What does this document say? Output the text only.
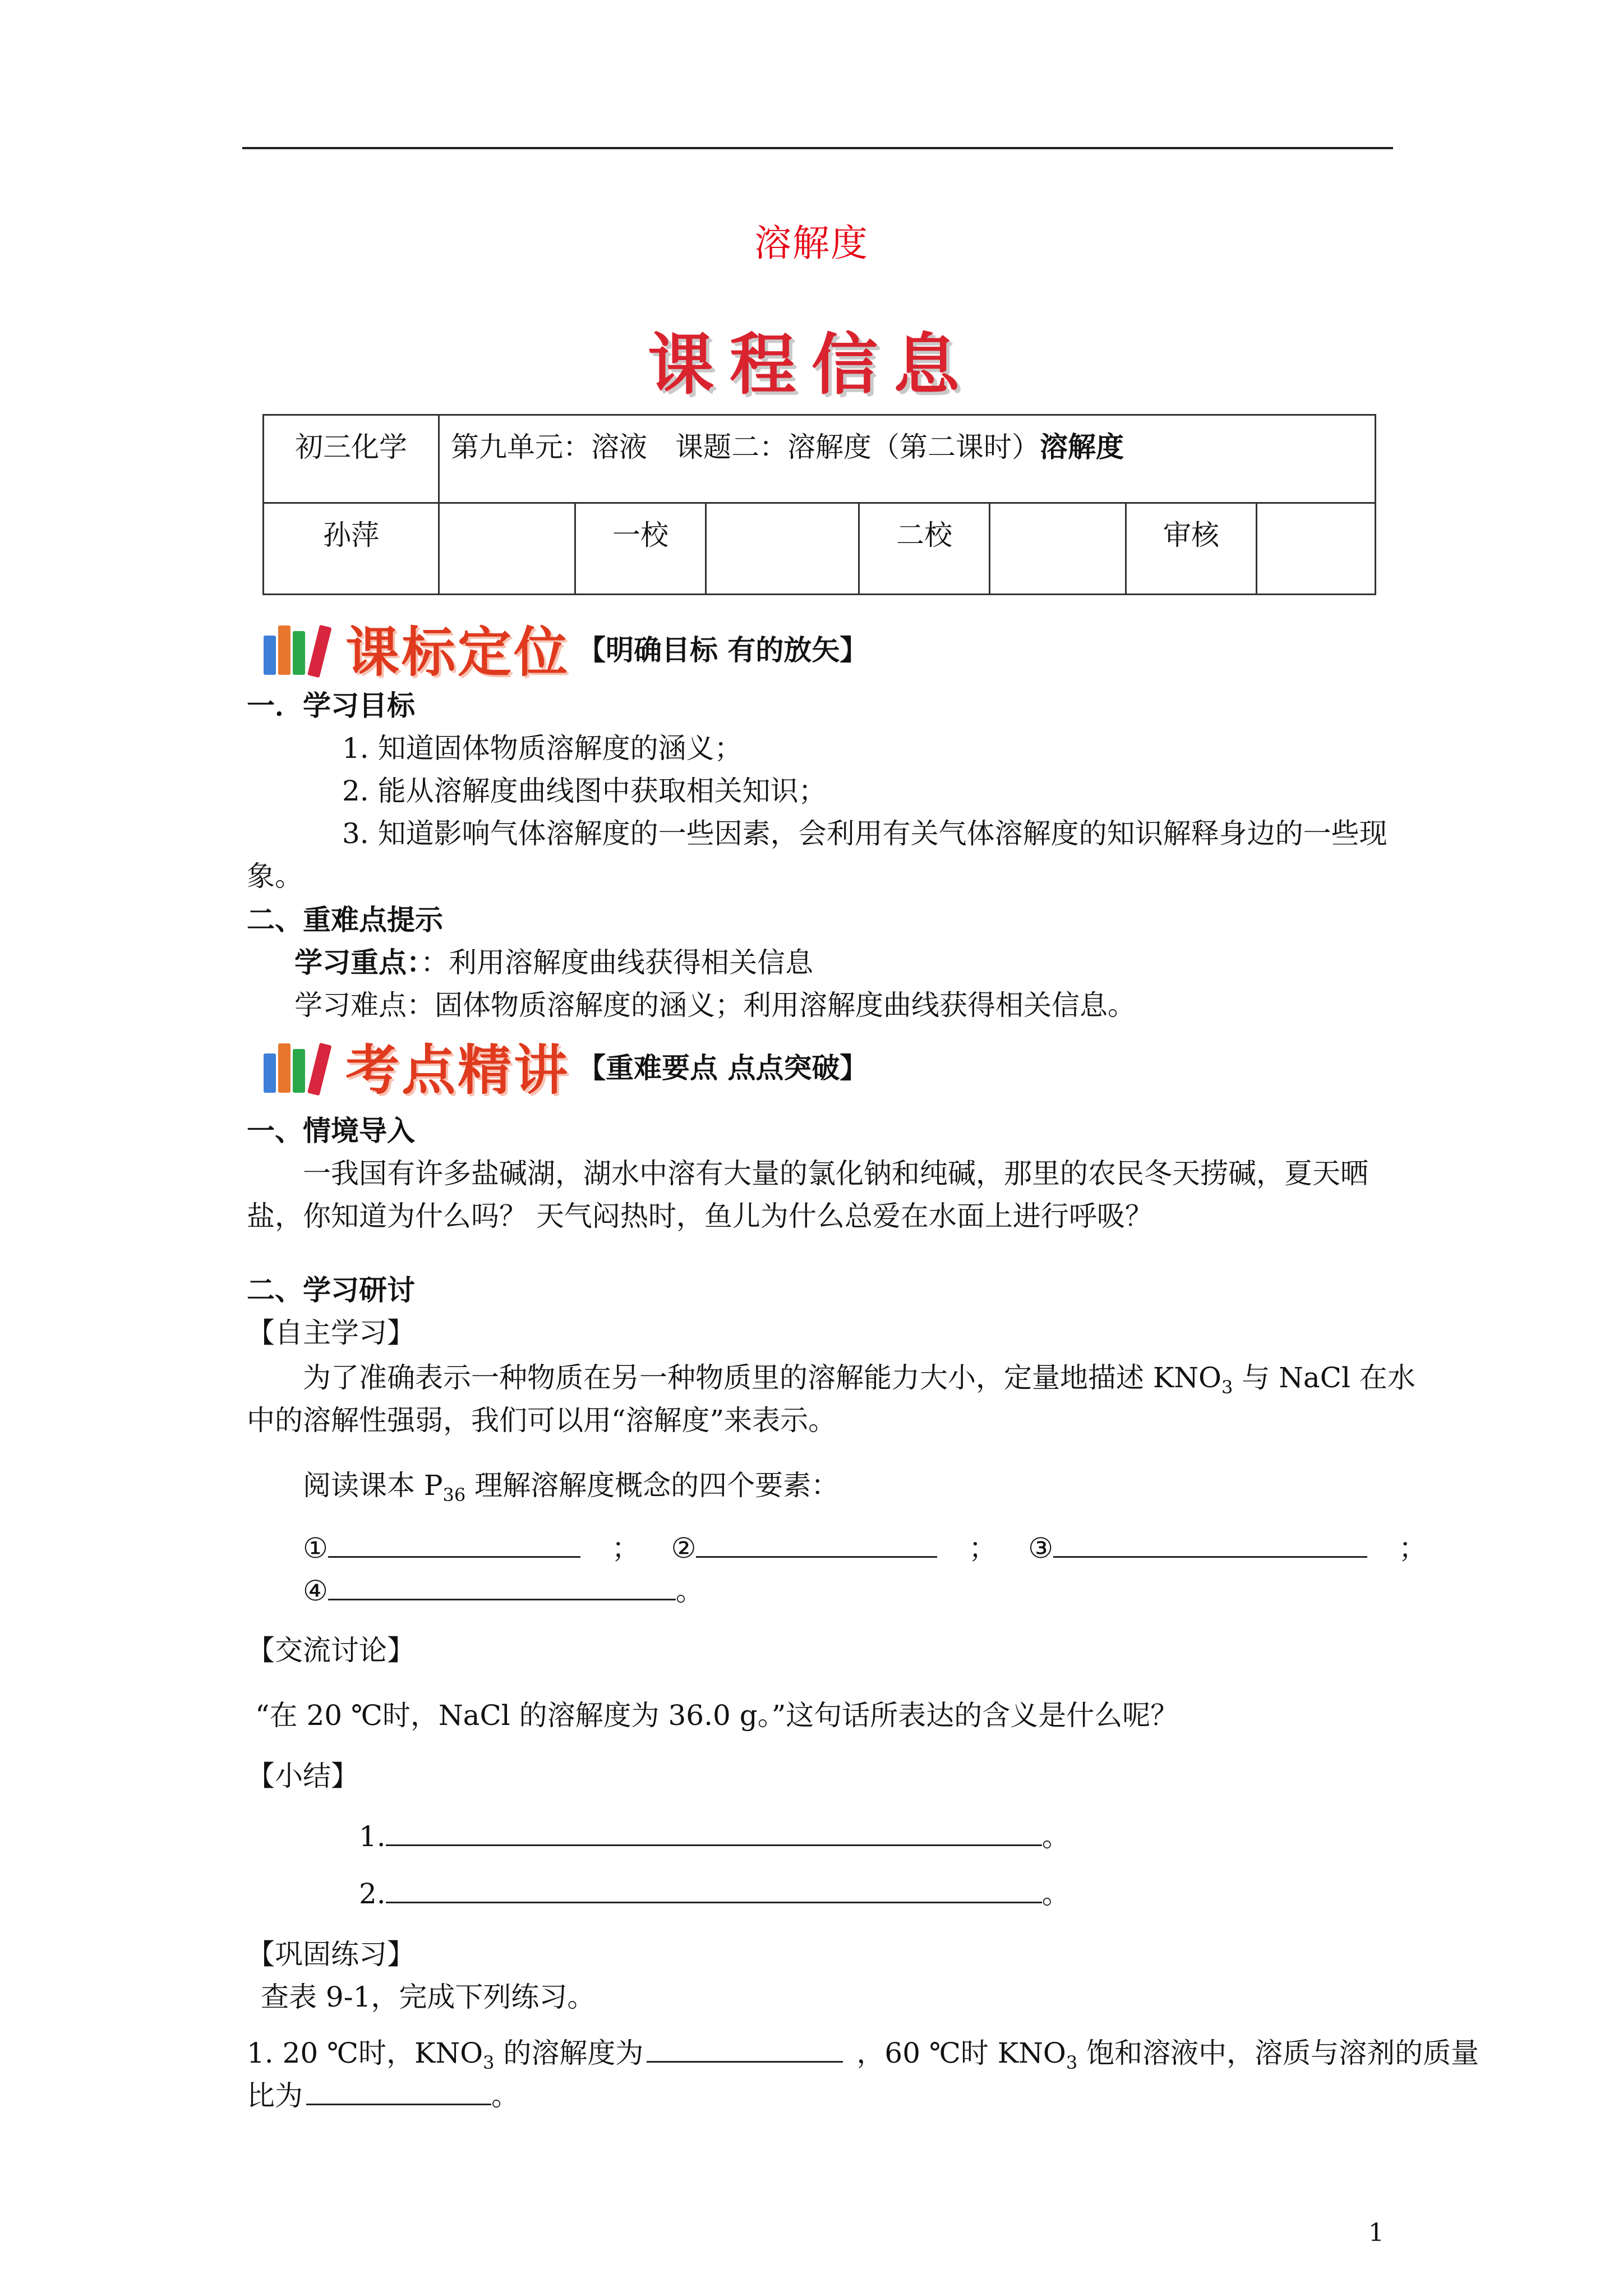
溶解度
课程信息
初三化学	第九单元：溶液　课题二：溶解度（第二课时）溶解度						
孙萍		一校		二校		审核	
课标定位 【明确目标 有的放矢】
一．学习目标
1. 知道固体物质溶解度的涵义；
2. 能从溶解度曲线图中获取相关知识；
3. 知道影响气体溶解度的一些因素，会利用有关气体溶解度的知识解释身边的一些现
象。
二、重难点提示
学习重点：：利用溶解度曲线获得相关信息
学习难点：固体物质溶解度的涵义；利用溶解度曲线获得相关信息。
考点精讲 【重难要点 点点突破】
一、情境导入
一我国有许多盐碱湖，湖水中溶有大量的氯化钠和纯碱，那里的农民冬天捞碱，夏天晒
盐，你知道为什么吗？ 天气闷热时，鱼儿为什么总爱在水面上进行呼吸？
二、学习研讨
【自主学习】
为了准确表示一种物质在另一种物质里的溶解能力大小，定量地描述 $KNO_3$ 与 NaCl 在水
中的溶解性强弱，我们可以用“溶解度”来表示。
阅读课本 $P_{36}$ 理解溶解度概念的四个要素：
①	； ②	； ③	；
④	。
【交流讨论】
“在 20 ℃时，NaCl 的溶解度为 36.0 g。”这句话所表达的含义是什么呢？
【小结】
1.	。
2.	。
【巩固练习】
查表 9-1，完成下列练习。
1. 20 ℃时，$KNO_3$ 的溶解度为	，60 ℃时 $KNO_3$ 饱和溶液中，溶质与溶剂的质量
比为	。
1
